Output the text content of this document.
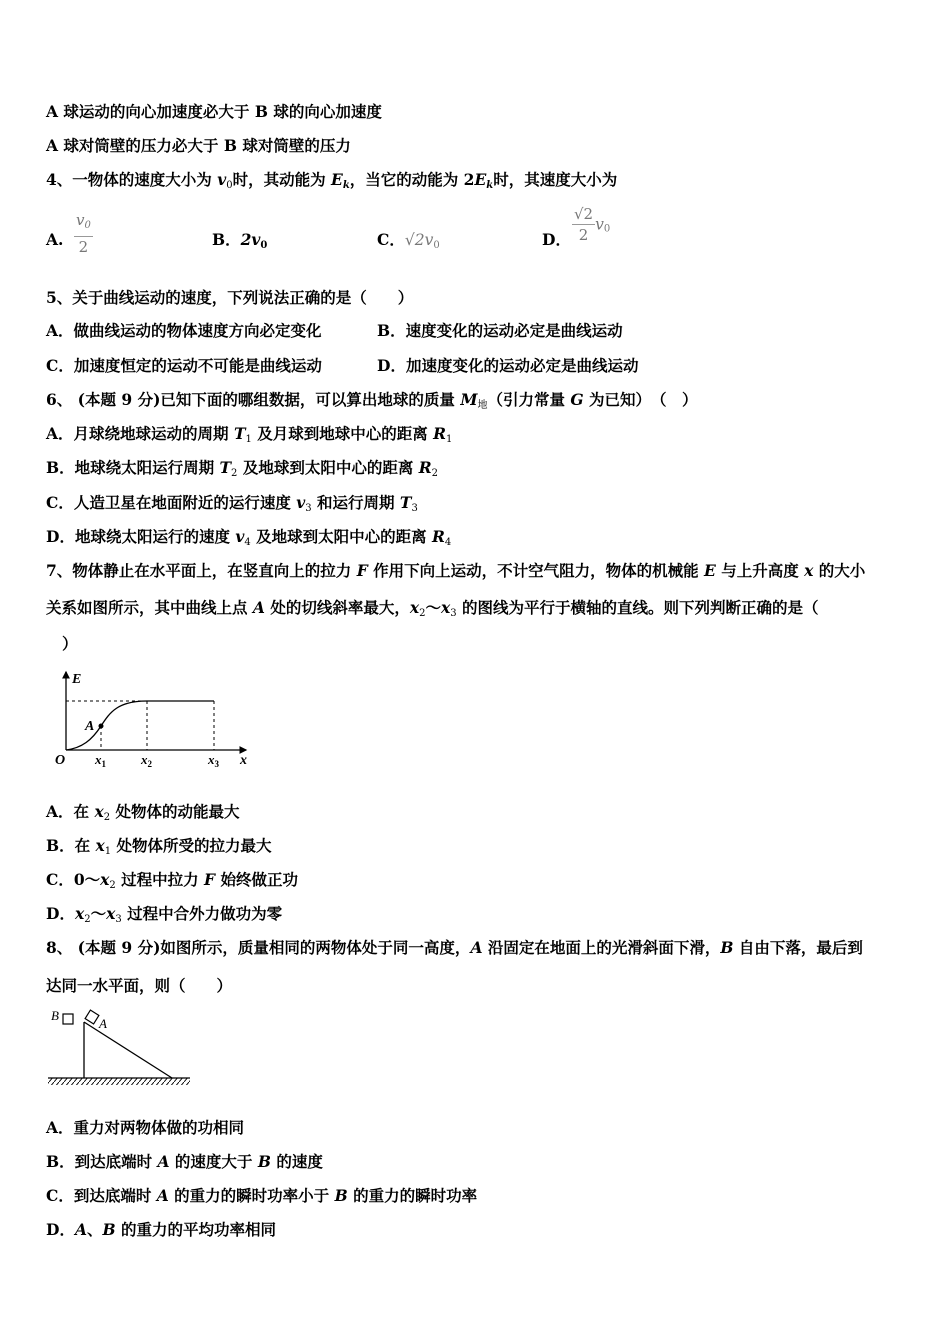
A 球运动的向心加速度必大于 B 球的向心加速度
A 球对筒壁的压力必大于 B 球对筒壁的压力
4、一物体的速度大小为 $v_0$时，其动能为 $E_k$，当它的动能为 $2E_k$时，其速度大小为
A. $\frac{v_0}{2}$	B．$2v_0$	C．$√2v_0$	D． $\frac{√2}{2} v_0$
5、关于曲线运动的速度，下列说法正确的是（　　）
A．做曲线运动的物体速度方向必定变化	B．速度变化的运动必定是曲线运动
C．加速度恒定的运动不可能是曲线运动	D．加速度变化的运动必定是曲线运动
6、 (本题 9 分)已知下面的哪组数据，可以算出地球的质量 $M_地$（引力常量 G 为已知）　（　）
A．月球绕地球运动的周期 $T_1$ 及月球到地球中心的距离 $R_1$
B．地球绕太阳运行周期 $T_2$ 及地球到太阳中心的距离 $R_2$
C．人造卫星在地面附近的运行速度 $v_3$ 和运行周期 $T_3$
D．地球绕太阳运行的速度 $v_4$ 及地球到太阳中心的距离 $R_4$
7、物体静止在水平面上，在竖直向上的拉力 F 作用下向上运动，不计空气阻力，物体的机械能 E 与上升高度 x 的大小
关系如图所示，其中曲线上点 A 处的切线斜率最大，$x_2\sim x_3$ 的图线为平行于横轴的直线。则下列判断正确的是（
）
E
O
A
x
$x_1$	$x_2$	$x_3$
A．在 $x_2$ 处物体的动能最大
B．在 $x_1$ 处物体所受的拉力最大
C．$0\sim x_2$ 过程中拉力 F 始终做正功
D．$x_2\sim x_3$ 过程中合外力做功为零
8、 (本题 9 分)如图所示，质量相同的两物体处于同一高度，A 沿固定在地面上的光滑斜面下滑，B 自由下落，最后到
达同一水平面，则（　　）
B
A
A．重力对两物体做的功相同
B．到达底端时 A 的速度大于 B 的速度
C．到达底端时 A 的重力的瞬时功率小于 B 的重力的瞬时功率
D．A、B 的重力的平均功率相同
